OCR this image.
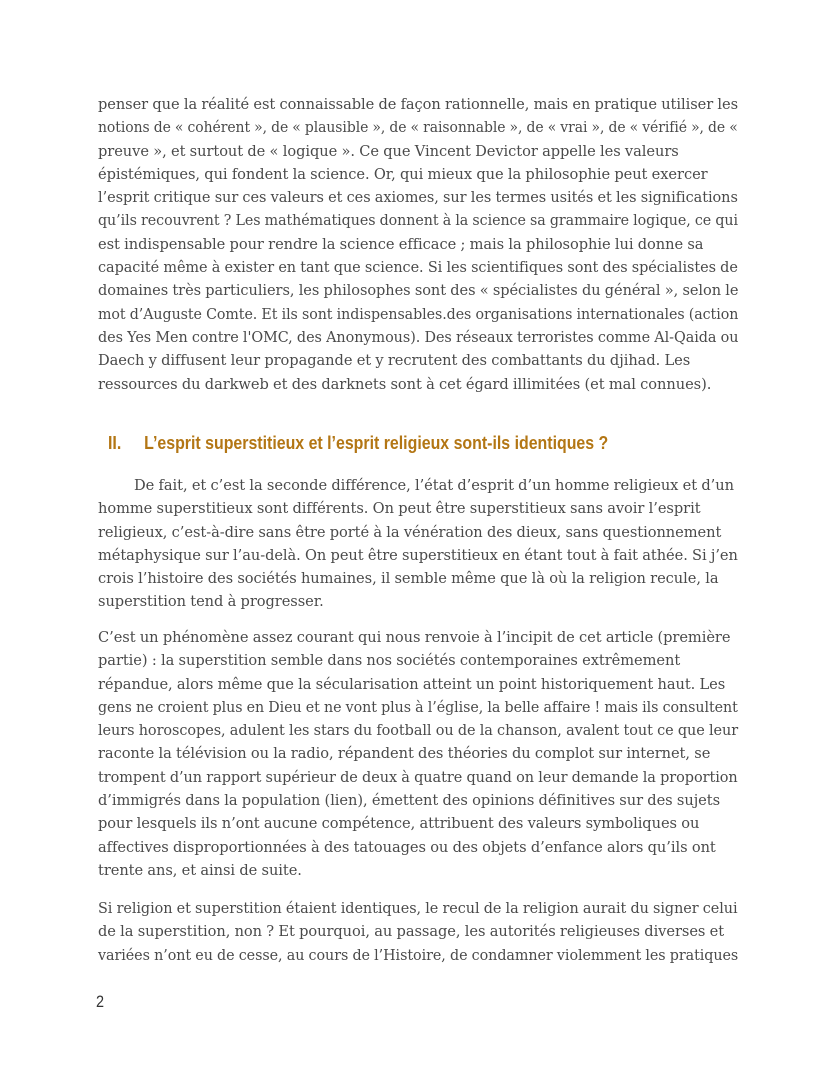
penser que la réalité est connaissable de façon rationnelle, mais en pratique utiliser les
notions de « cohérent », de « plausible », de « raisonnable », de « vrai », de « vérifié », de «
preuve », et surtout de « logique ». Ce que Vincent Devictor appelle les valeurs
épistémiques, qui fondent la science. Or, qui mieux que la philosophie peut exercer
l’esprit critique sur ces valeurs et ces axiomes, sur les termes usités et les significations
qu’ils recouvrent ? Les mathématiques donnent à la science sa grammaire logique, ce qui
est indispensable pour rendre la science efficace ; mais la philosophie lui donne sa
capacité même à exister en tant que science. Si les scientifiques sont des spécialistes de
domaines très particuliers, les philosophes sont des « spécialistes du général », selon le
mot d’Auguste Comte. Et ils sont indispensables.des organisations internationales (action
des Yes Men contre l'OMC, des Anonymous). Des réseaux terroristes comme Al-Qaida ou
Daech y diffusent leur propagande et y recrutent des combattants du djihad. Les
ressources du darkweb et des darknets sont à cet égard illimitées (et mal connues).

II. L’esprit superstitieux et l’esprit religieux sont-ils identiques ?

De fait, et c’est la seconde différence, l’état d’esprit d’un homme religieux et d’un
homme superstitieux sont différents. On peut être superstitieux sans avoir l’esprit
religieux, c’est-à-dire sans être porté à la vénération des dieux, sans questionnement
métaphysique sur l’au-delà. On peut être superstitieux en étant tout à fait athée. Si j’en
crois l’histoire des sociétés humaines, il semble même que là où la religion recule, la
superstition tend à progresser.

C’est un phénomène assez courant qui nous renvoie à l’incipit de cet article (première
partie) : la superstition semble dans nos sociétés contemporaines extrêmement
répandue, alors même que la sécularisation atteint un point historiquement haut. Les
gens ne croient plus en Dieu et ne vont plus à l’église, la belle affaire ! mais ils consultent
leurs horoscopes, adulent les stars du football ou de la chanson, avalent tout ce que leur
raconte la télévision ou la radio, répandent des théories du complot sur internet, se
trompent d’un rapport supérieur de deux à quatre quand on leur demande la proportion
d’immigrés dans la population (lien), émettent des opinions définitives sur des sujets
pour lesquels ils n’ont aucune compétence, attribuent des valeurs symboliques ou
affectives disproportionnées à des tatouages ou des objets d’enfance alors qu’ils ont
trente ans, et ainsi de suite.

Si religion et superstition étaient identiques, le recul de la religion aurait du signer celui
de la superstition, non ? Et pourquoi, au passage, les autorités religieuses diverses et
variées n’ont eu de cesse, au cours de l’Histoire, de condamner violemment les pratiques

2
